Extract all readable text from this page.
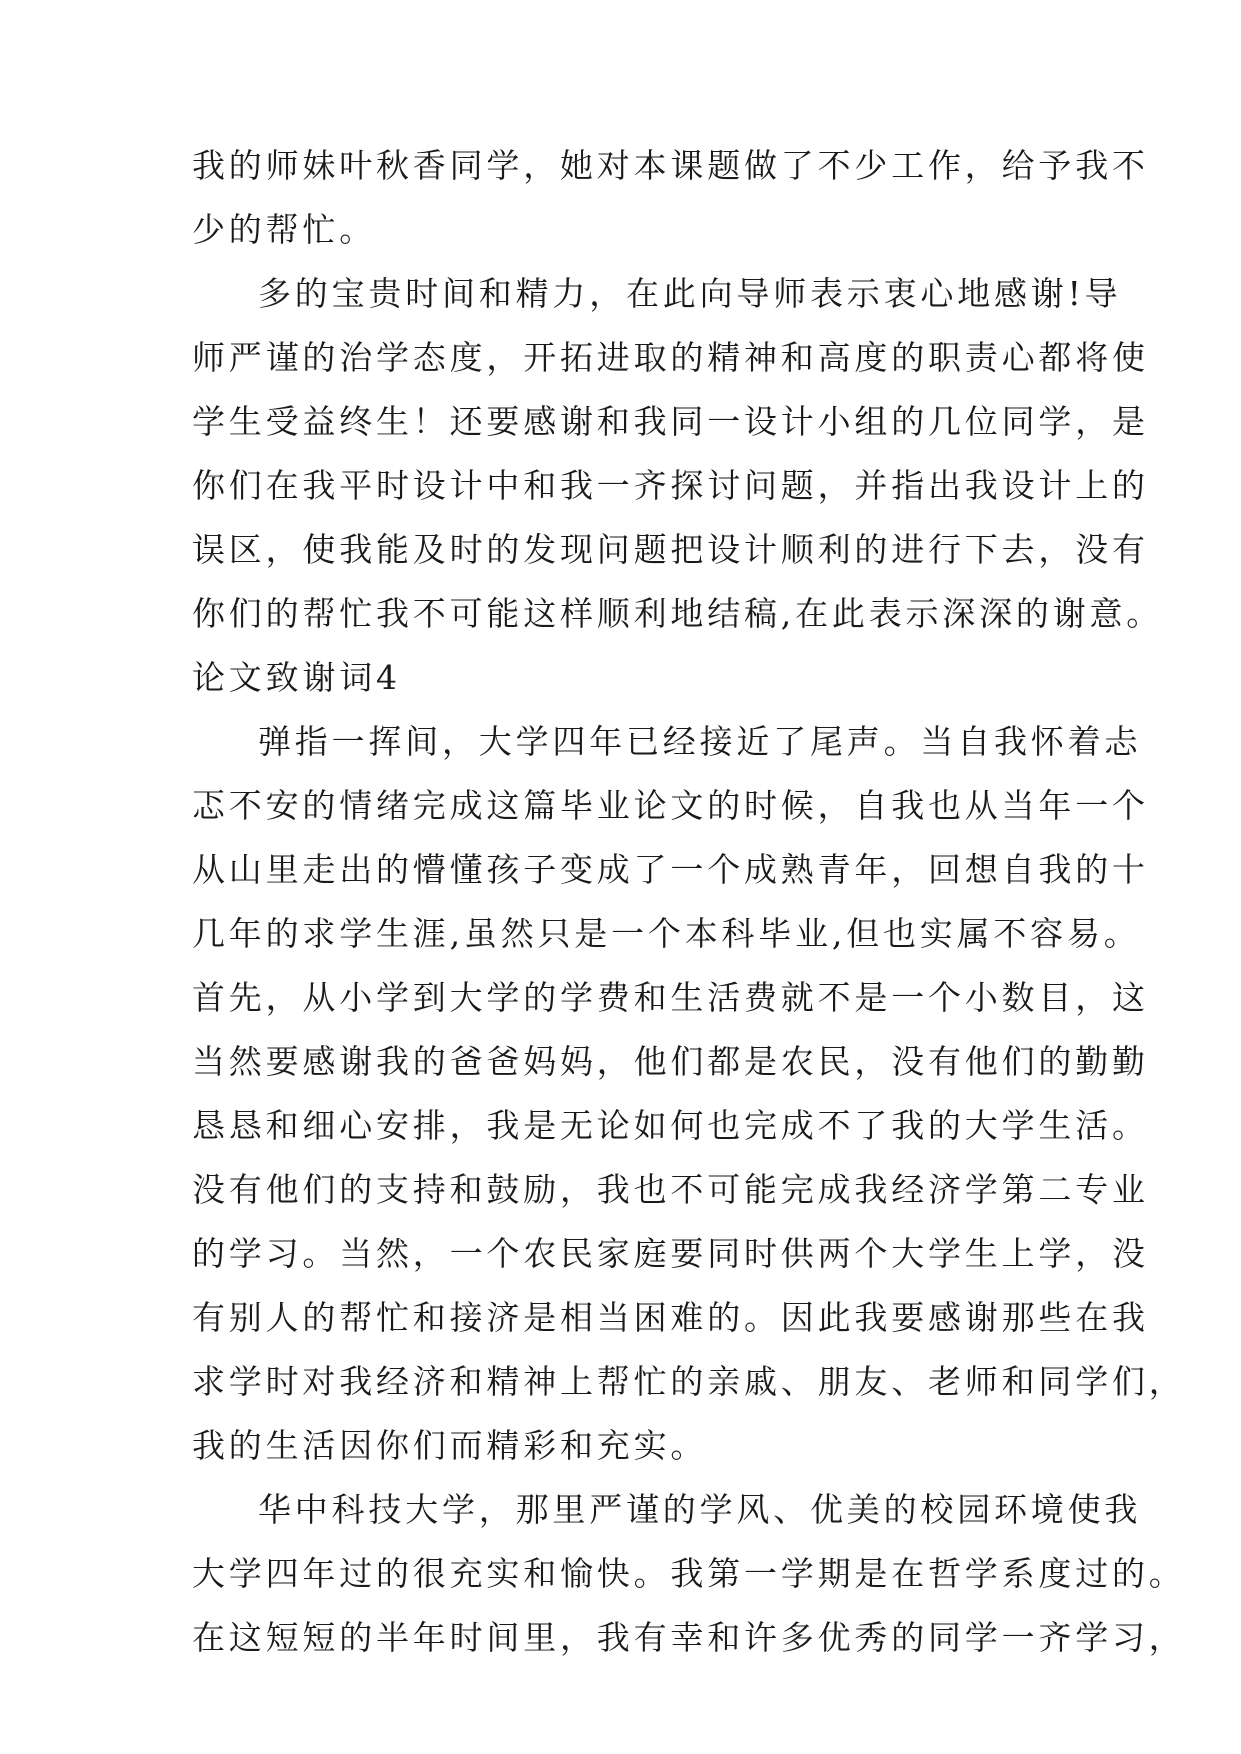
我的师妹叶秋香同学，她对本课题做了不少工作，给予我不
少的帮忙。
多的宝贵时间和精力，在此向导师表示衷心地感谢!导
师严谨的治学态度，开拓进取的精神和高度的职责心都将使
学生受益终生！还要感谢和我同一设计小组的几位同学，是
你们在我平时设计中和我一齐探讨问题，并指出我设计上的
误区，使我能及时的发现问题把设计顺利的进行下去，没有
你们的帮忙我不可能这样顺利地结稿,在此表示深深的谢意。
论文致谢词4
弹指一挥间，大学四年已经接近了尾声。当自我怀着忐
忑不安的情绪完成这篇毕业论文的时候，自我也从当年一个
从山里走出的懵懂孩子变成了一个成熟青年，回想自我的十
几年的求学生涯,虽然只是一个本科毕业,但也实属不容易。
首先，从小学到大学的学费和生活费就不是一个小数目，这
当然要感谢我的爸爸妈妈，他们都是农民，没有他们的勤勤
恳恳和细心安排，我是无论如何也完成不了我的大学生活。
没有他们的支持和鼓励，我也不可能完成我经济学第二专业
的学习。当然，一个农民家庭要同时供两个大学生上学，没
有别人的帮忙和接济是相当困难的。因此我要感谢那些在我
求学时对我经济和精神上帮忙的亲戚、朋友、老师和同学们，
我的生活因你们而精彩和充实。
华中科技大学，那里严谨的学风、优美的校园环境使我
大学四年过的很充实和愉快。我第一学期是在哲学系度过的。
在这短短的半年时间里，我有幸和许多优秀的同学一齐学习，
